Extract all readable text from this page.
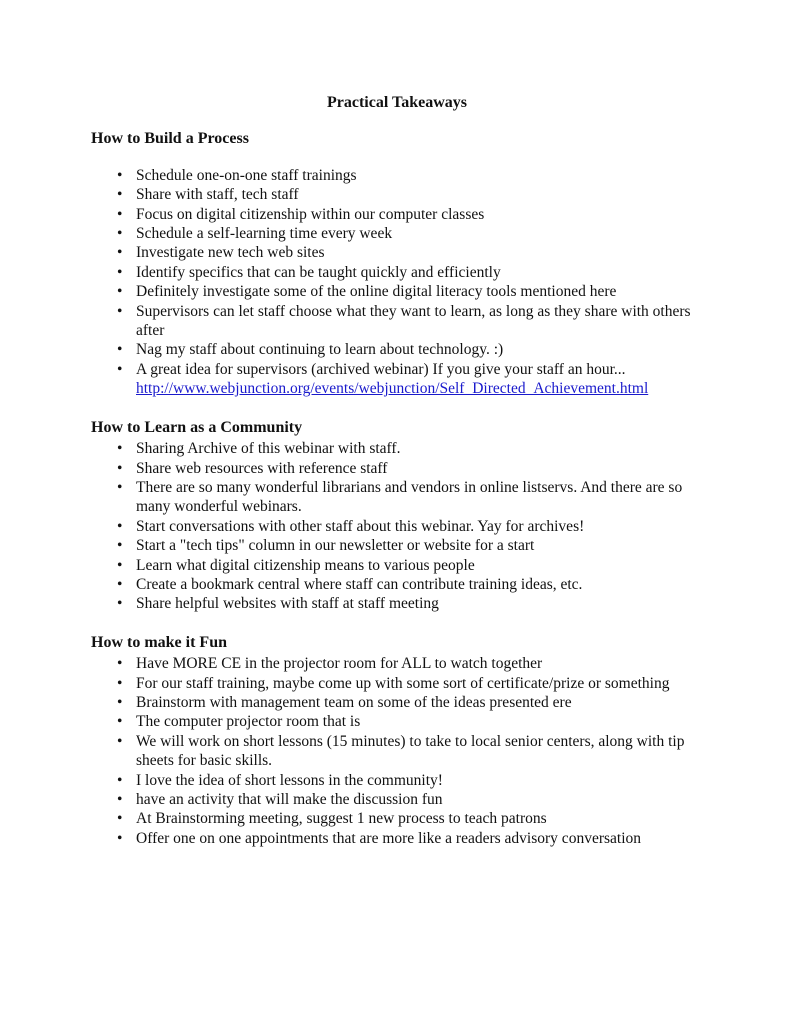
Practical Takeaways
How to Build a Process
• Schedule one-on-one staff trainings
• Share with staff, tech staff
• Focus on digital citizenship within our computer classes
• Schedule a self-learning time every week
• Investigate new tech web sites
• Identify specifics that can be taught quickly and efficiently
• Definitely investigate some of the online digital literacy tools mentioned here
• Supervisors can let staff choose what they want to learn, as long as they share with others after
• Nag my staff about continuing to learn about technology. :)
• A great idea for supervisors (archived webinar) If you give your staff an hour...
http://www.webjunction.org/events/webjunction/Self_Directed_Achievement.html
How to Learn as a Community
• Sharing Archive of this webinar with staff.
• Share web resources with reference staff
• There are so many wonderful librarians and vendors in online listservs. And there are so many wonderful webinars.
• Start conversations with other staff about this webinar. Yay for archives!
• Start a "tech tips" column in our newsletter or website for a start
• Learn what digital citizenship means to various people
• Create a bookmark central where staff can contribute training ideas, etc.
• Share helpful websites with staff at staff meeting
How to make it Fun
• Have MORE CE in the projector room for ALL to watch together
• For our staff training, maybe come up with some sort of certificate/prize or something
• Brainstorm with management team on some of the ideas presented ere
• The computer projector room that is
• We will work on short lessons (15 minutes) to take to local senior centers, along with tip sheets for basic skills.
• I love the idea of short lessons in the community!
• have an activity that will make the discussion fun
• At Brainstorming meeting, suggest 1 new process to teach patrons
• Offer one on one appointments that are more like a readers advisory conversation
